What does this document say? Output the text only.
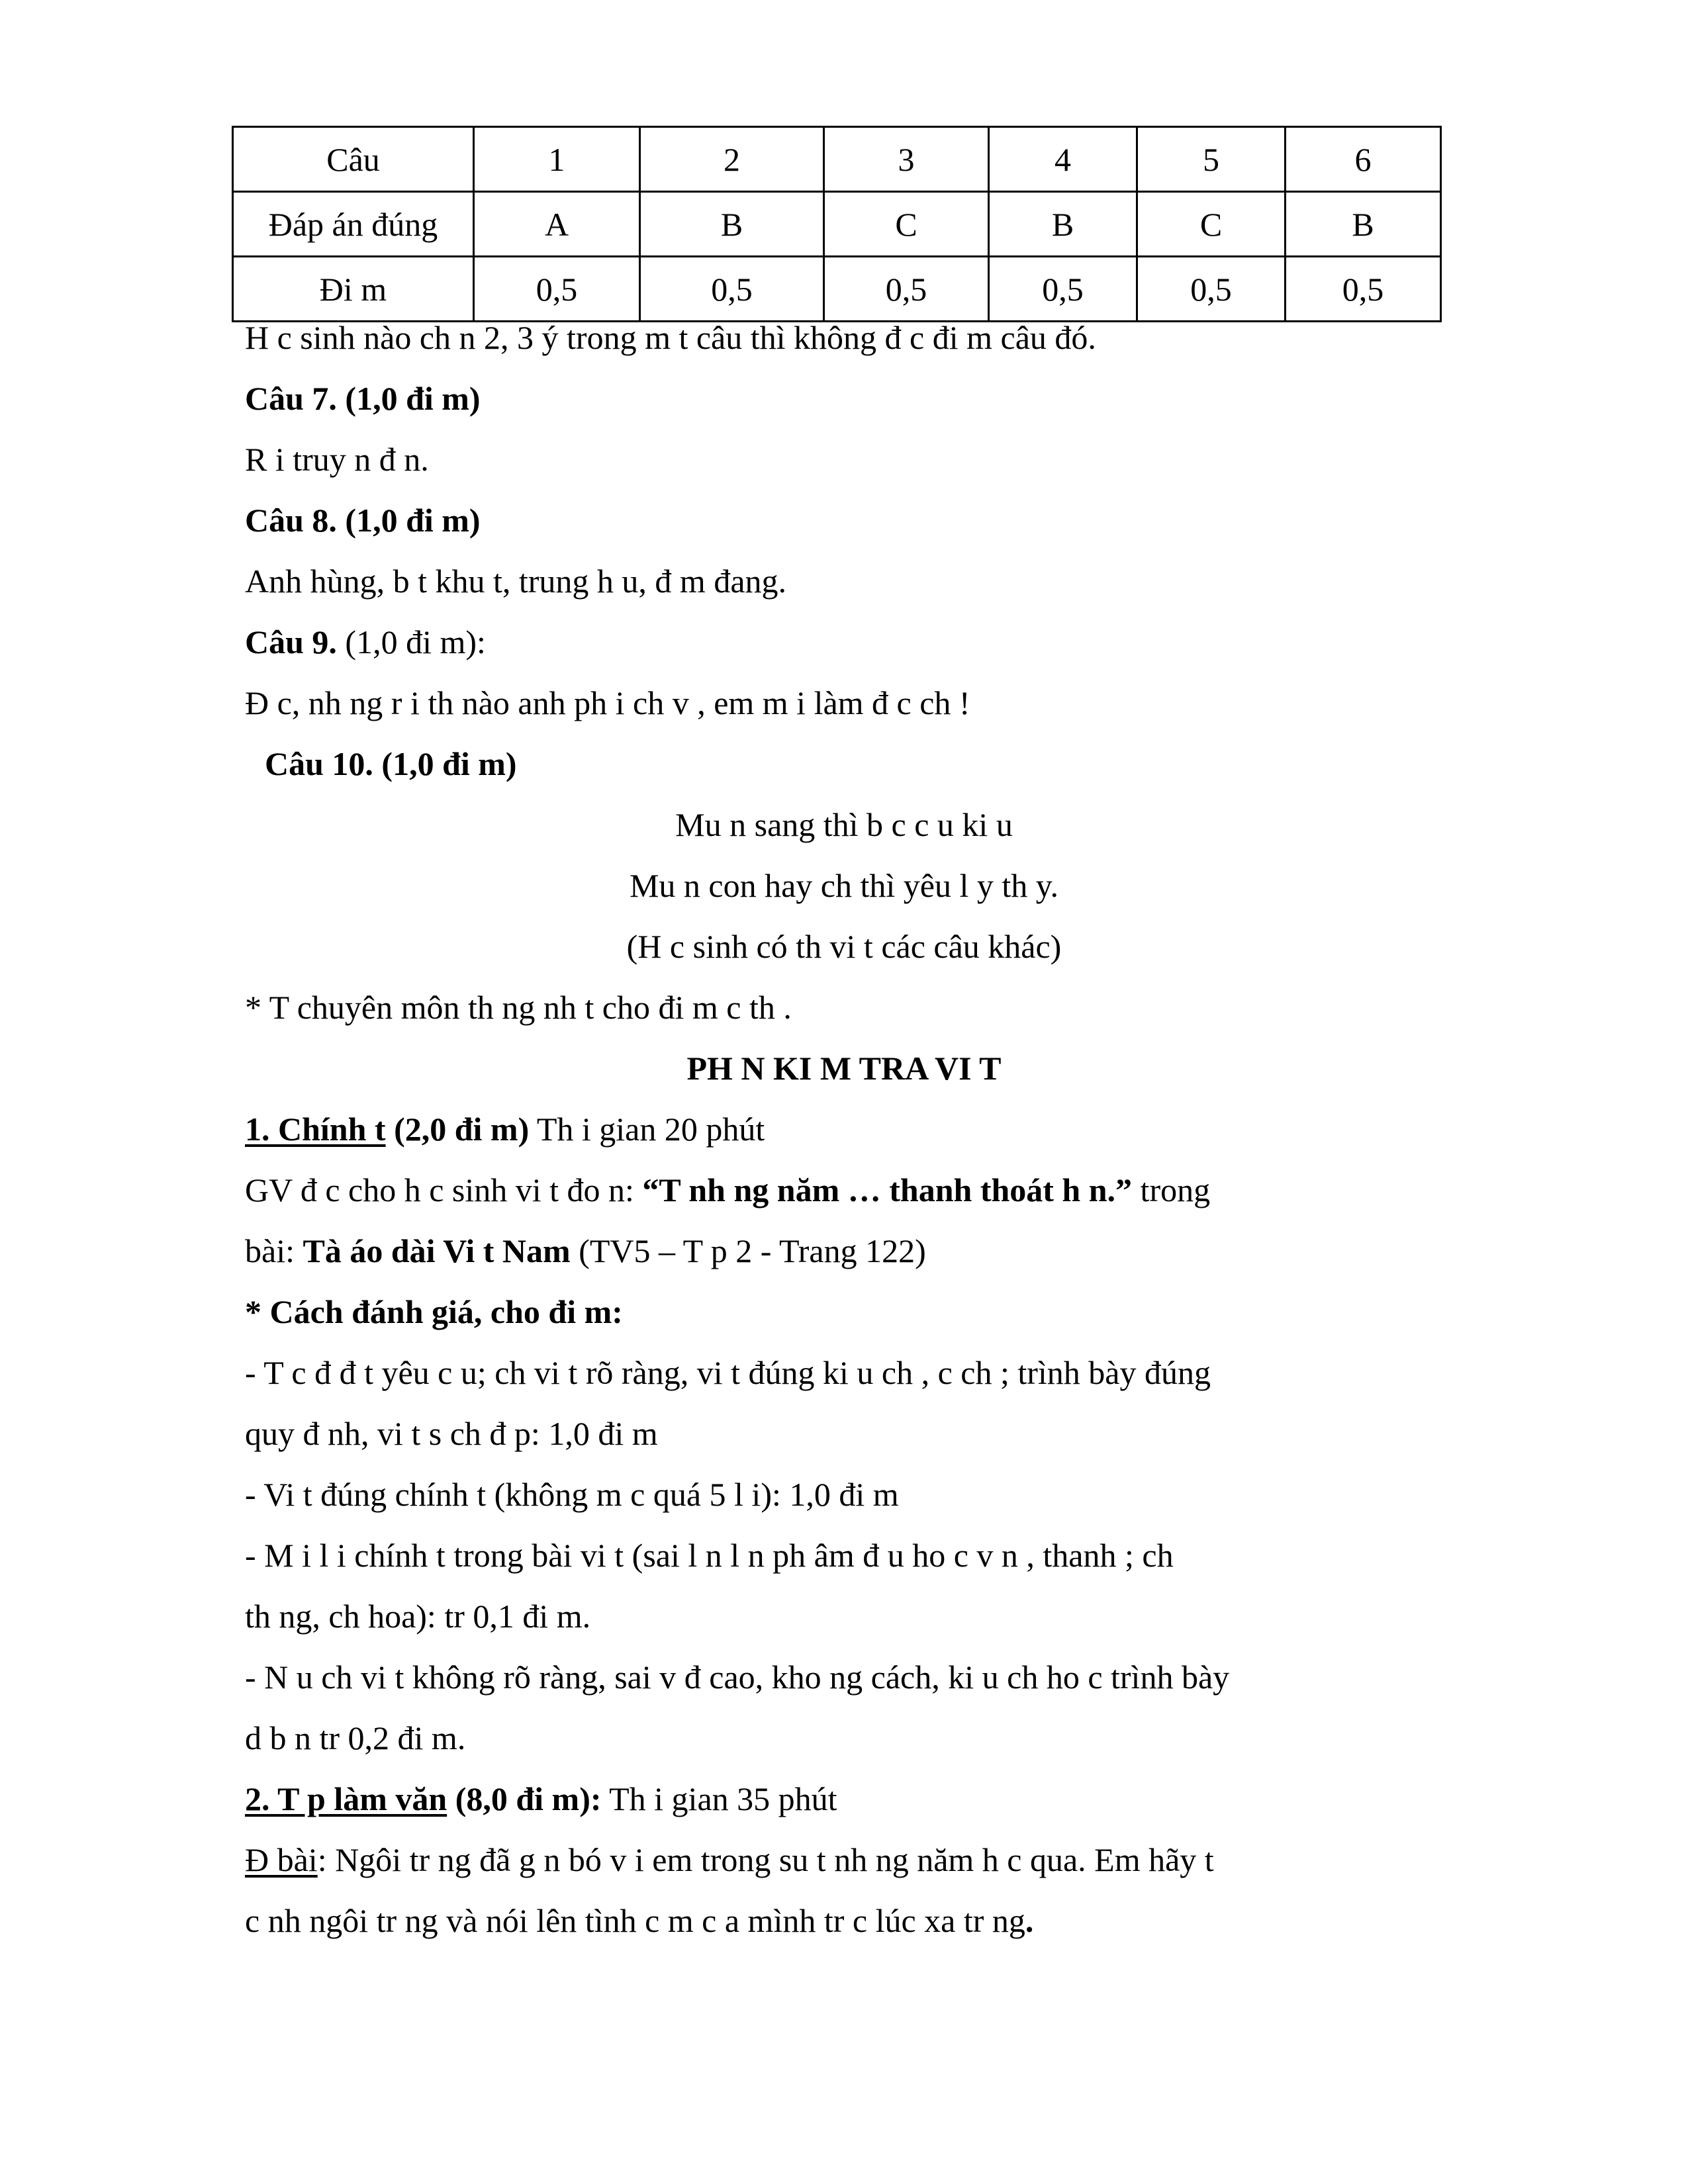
Câu	1	2	3	4	5	6
Đáp án đúng	A	B	C	B	C	B
Đi m	0,5	0,5	0,5	0,5	0,5	0,5
H c sinh nào ch n 2, 3 ý trong m t câu thì không đ c đi m câu đó.
Câu 7. (1,0 đi m)
R i truy n đ n.
Câu 8. (1,0 đi m)
Anh hùng, b t khu t, trung h u, đ m đang.
Câu 9. (1,0 đi m):
Đ c, nh ng r i th nào anh ph i ch v , em m i làm đ c ch !
Câu 10. (1,0 đi m)
Mu n sang thì b c c u ki u
Mu n con hay ch thì yêu l y th y.
(H c sinh có th vi t các câu khác)
* T chuyên môn th ng nh t cho đi m c th .
PH N KI M TRA VI T
1. Chính t (2,0 đi m) Th i gian 20 phút
GV đ c cho h c sinh vi t đo n: “T nh ng năm … thanh thoát h n.” trong
bài: Tà áo dài Vi t Nam (TV5 – T p 2 - Trang 122)
* Cách đánh giá, cho đi m:
- T c đ đ t yêu c u; ch vi t rõ ràng, vi t đúng ki u ch , c ch ; trình bày đúng
quy đ nh, vi t s ch đ p: 1,0 đi m
- Vi t đúng chính t (không m c quá 5 l i): 1,0 đi m
- M i l i chính t trong bài vi t (sai l n l n ph âm đ u ho c v n , thanh ; ch
th ng, ch hoa): tr 0,1 đi m.
- N u ch vi t không rõ ràng, sai v đ cao, kho ng cách, ki u ch ho c trình bày
d b n tr 0,2 đi m.
2. T p làm văn (8,0 đi m): Th i gian 35 phút
Đ bài: Ngôi tr ng đã g n bó v i em trong su t nh ng năm h c qua. Em hãy t
c nh ngôi tr ng và nói lên tình c m c a mình tr c lúc xa tr ng.
